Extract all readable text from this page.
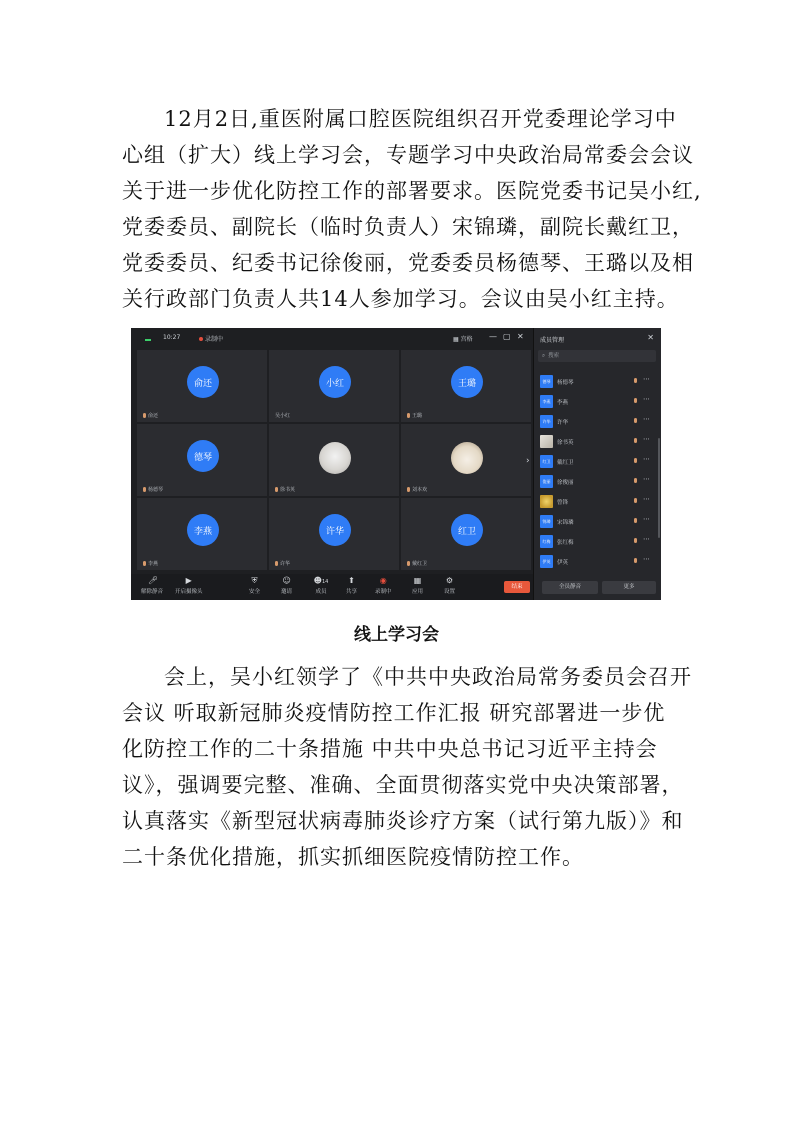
12月2日,重医附属口腔医院组织召开党委理论学习中
心组（扩大）线上学习会，专题学习中央政治局常委会会议
关于进一步优化防控工作的部署要求。医院党委书记吴小红,
党委委员、副院长（临时负责人）宋锦璘，副院长戴红卫，
党委委员、纪委书记徐俊丽，党委委员杨德琴、王璐以及相
关行政部门负责人共14人参加学习。会议由吴小红主持。
10:27	录制中	▦ 宫格 — ▢ ✕
俞还
俞还
小红
吴小红
王璐
王璐
德琴
杨德琴	徐书英	刘本欢
李燕
李燕
许华
许华
红卫
戴红卫
›
🎤︎
解除静音
▶
开启摄像头
⛨
安全
☺
邀请
☻14
成员
⬆
共享
◉
录制中
▦
应用
⚙
设置
结束
成员管理	✕
⌕ 搜索
德琴	杨德琴	⋯
李燕	李燕	⋯
许华	许华	⋯
徐书英	⋯
红卫	戴红卫	⋯
俊丽	徐俊丽	⋯
曾锋	⋯
锦璘	宋锦璘	⋯
红梅	张红梅	⋯
伊英	伊英	⋯
全员静音	更多
线上学习会
会上，吴小红领学了《中共中央政治局常务委员会召开
会议 听取新冠肺炎疫情防控工作汇报 研究部署进一步优
化防控工作的二十条措施 中共中央总书记习近平主持会
议》，强调要完整、准确、全面贯彻落实党中央决策部署，
认真落实《新型冠状病毒肺炎诊疗方案（试行第九版）》和
二十条优化措施，抓实抓细医院疫情防控工作。
